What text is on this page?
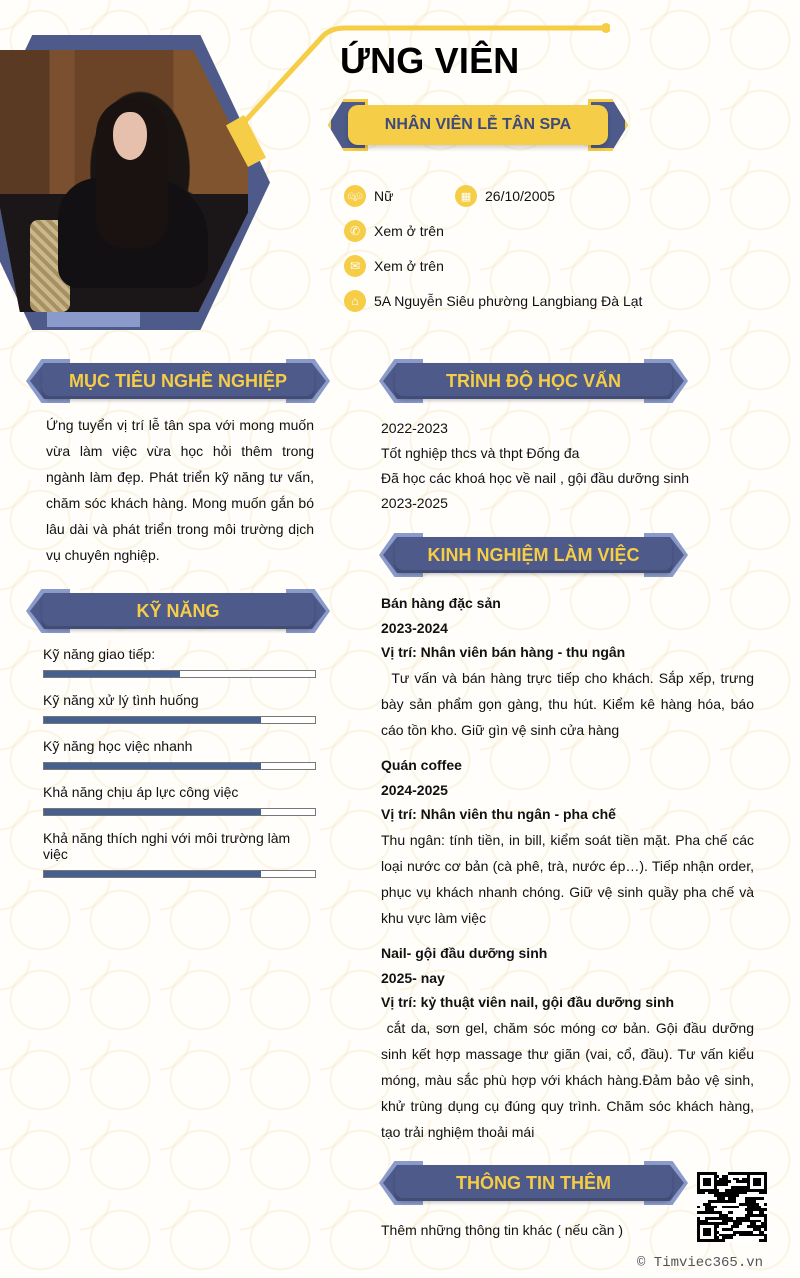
ỨNG VIÊN
NHÂN VIÊN LỄ TÂN SPA
👫︎ Nữ	▦ 26/10/2005
✆ Xem ở trên
✉ Xem ở trên
⌂	5A Nguyễn Siêu phường Langbiang Đà Lạt
MỤC TIÊU NGHỀ NGHIỆP
Ứng tuyển vị trí lễ tân spa với mong muốn vừa làm việc vừa học hỏi thêm trong ngành làm đẹp. Phát triển kỹ năng tư vấn, chăm sóc khách hàng. Mong muốn gắn bó lâu dài và phát triển trong môi trường dịch vụ chuyên nghiệp.
KỸ NĂNG
Kỹ năng giao tiếp:
Kỹ năng xử lý tình huống
Kỹ năng học việc nhanh
Khả năng chịu áp lực công việc
Khả năng thích nghi với môi trường làm việc
TRÌNH ĐỘ HỌC VẤN
2022-2023
Tốt nghiệp thcs và thpt Đống đa
Đã học các khoá học về nail , gội đầu dưỡng sinh
2023-2025
KINH NGHIỆM LÀM VIỆC
Bán hàng đặc sản
2023-2024
Vị trí: Nhân viên bán hàng - thu ngân
Tư vấn và bán hàng trực tiếp cho khách. Sắp xếp, trưng bày sản phẩm gọn gàng, thu hút. Kiểm kê hàng hóa, báo cáo tồn kho. Giữ gìn vệ sinh cửa hàng
Quán coffee
2024-2025
Vị trí: Nhân viên thu ngân - pha chế
Thu ngân: tính tiền, in bill, kiểm soát tiền mặt. Pha chế các loại nước cơ bản (cà phê, trà, nước ép…). Tiếp nhận order, phục vụ khách nhanh chóng. Giữ vệ sinh quầy pha chế và khu vực làm việc
Nail- gội đầu dưỡng sinh
2025- nay
Vị trí: kỷ thuật viên nail, gội đầu dưỡng sinh
cắt da, sơn gel, chăm sóc móng cơ bản. Gội đầu dưỡng sinh kết hợp massage thư giãn (vai, cổ, đầu). Tư vấn kiểu móng, màu sắc phù hợp với khách hàng.Đảm bảo vệ sinh, khử trùng dụng cụ đúng quy trình. Chăm sóc khách hàng, tạo trải nghiệm thoải mái
THÔNG TIN THÊM
Thêm những thông tin khác ( nếu cần )
© Timviec365.vn
